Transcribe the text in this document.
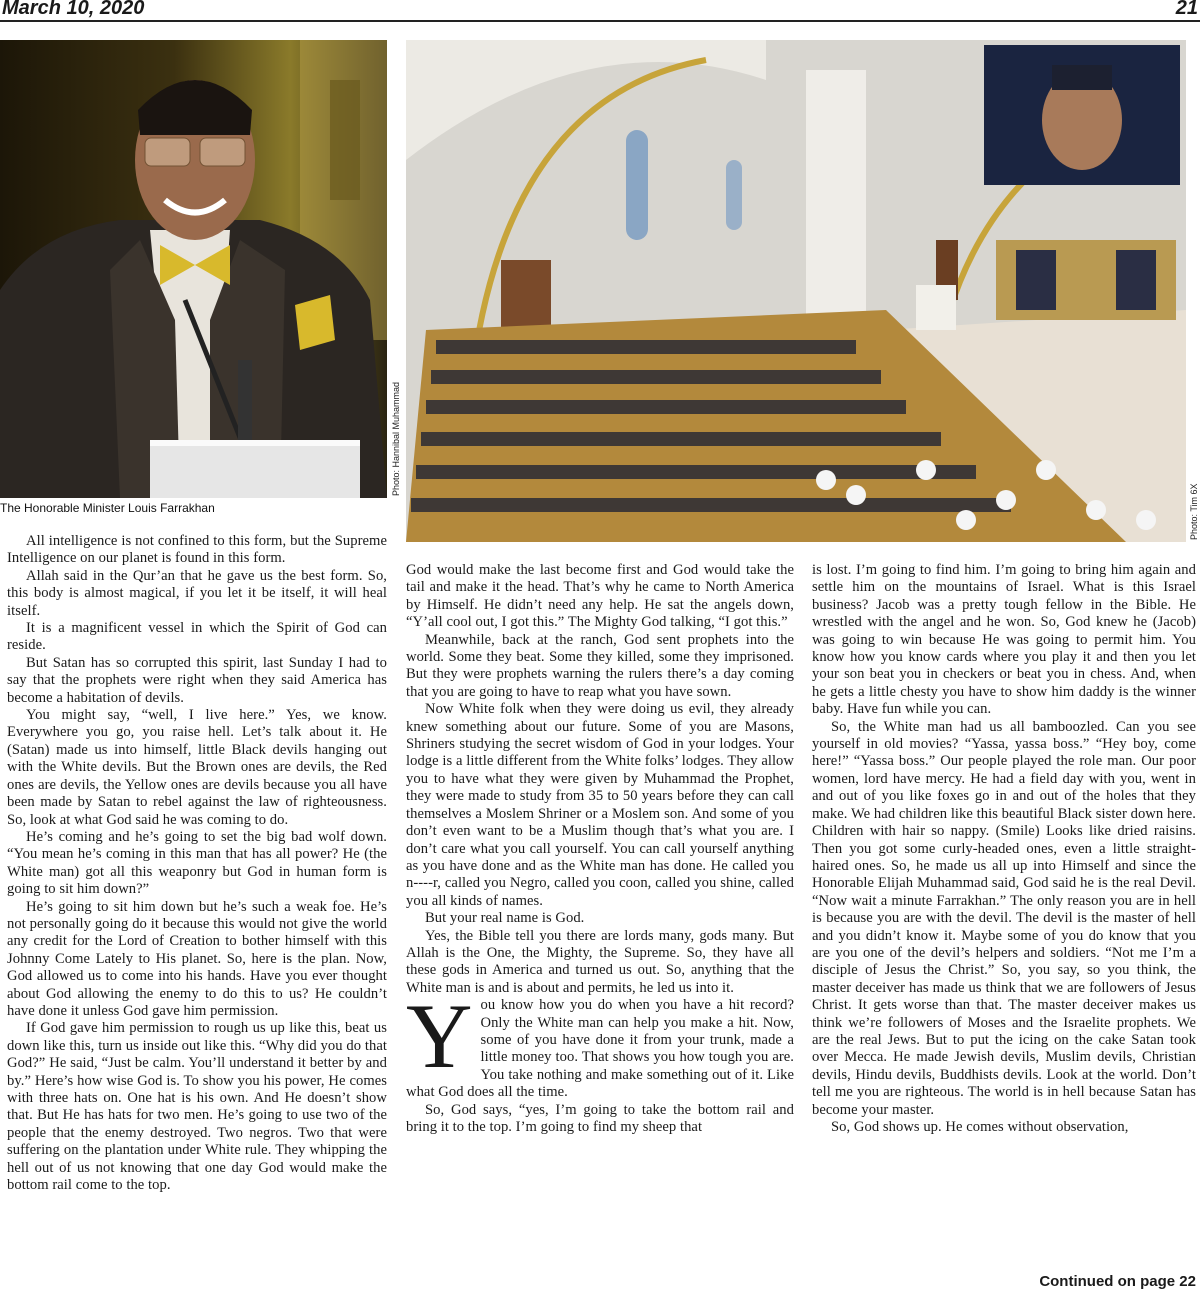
March 10, 2020	21
Photo: Hannibal Muhammad
The Honorable Minister Louis Farrakhan	Photo: Tim 6X

All intelligence is not confined to this form, but the Supreme Intelligence on our planet is found in this form.

Allah said in the Qur’an that he gave us the best form. So, this body is almost magical, if you let it be itself, it will heal itself.

It is a magnificent vessel in which the Spirit of God can reside.

But Satan has so corrupted this spirit, last Sunday I had to say that the prophets were right when they said America has become a habitation of devils.

You might say, “well, I live here.” Yes, we know. Everywhere you go, you raise hell. Let’s talk about it. He (Satan) made us into himself, little Black devils hanging out with the White devils. But the Brown ones are devils, the Red ones are devils, the Yellow ones are devils because you all have been made by Satan to rebel against the law of righteousness. So, look at what God said he was coming to do.

He’s coming and he’s going to set the big bad wolf down. “You mean he’s coming in this man that has all power? He (the White man) got all this weaponry but God in human form is going to sit him down?”

He’s going to sit him down but he’s such a weak foe. He’s not personally going do it because this would not give the world any credit for the Lord of Creation to bother himself with this Johnny Come Lately to His planet. So, here is the plan. Now, God allowed us to come into his hands. Have you ever thought about God allowing the enemy to do this to us? He couldn’t have done it unless God gave him permission.

If God gave him permission to rough us up like this, beat us down like this, turn us inside out like this. “Why did you do that God?” He said, “Just be calm. You’ll understand it better by and by.” Here’s how wise God is. To show you his power, He comes with three hats on. One hat is his own. And He doesn’t show that. But He has hats for two men. He’s going to use two of the people that the enemy destroyed. Two negros. Two that were suffering on the plantation under White rule. They whipping the hell out of us not knowing that one day God would make the bottom rail come to the top.

God would make the last become first and God would take the tail and make it the head. That’s why he came to North America by Himself. He didn’t need any help. He sat the angels down, “Y’all cool out, I got this.” The Mighty God talking, “I got this.”

Meanwhile, back at the ranch, God sent prophets into the world. Some they beat. Some they killed, some they imprisoned. But they were prophets warning the rulers there’s a day coming that you are going to have to reap what you have sown.

Now White folk when they were doing us evil, they already knew something about our future. Some of you are Masons, Shriners studying the secret wisdom of God in your lodges. Your lodge is a little different from the White folks’ lodges. They allow you to have what they were given by Muhammad the Prophet, they were made to study from 35 to 50 years before they can call themselves a Moslem Shriner or a Moslem son. And some of you don’t even want to be a Muslim though that’s what you are. I don’t care what you call yourself. You can call yourself anything as you have done and as the White man has done. He called you n----r, called you Negro, called you coon, called you shine, called you all kinds of names.

But your real name is God.

Yes, the Bible tell you there are lords many, gods many. But Allah is the One, the Mighty, the Supreme. So, they have all these gods in America and turned us out. So, anything that the White man is and is about and permits, he led us into it.

You know how you do when you have a hit record? Only the White man can help you make a hit. Now, some of you have done it from your trunk, made a little money too. That shows you how tough you are. You take nothing and make something out of it. Like what God does all the time.

So, God says, “yes, I’m going to take the bottom rail and bring it to the top. I’m going to find my sheep that

is lost. I’m going to find him. I’m going to bring him again and settle him on the mountains of Israel. What is this Israel business? Jacob was a pretty tough fellow in the Bible. He wrestled with the angel and he won. So, God knew he (Jacob) was going to win because He was going to permit him. You know how you know cards where you play it and then you let your son beat you in checkers or beat you in chess. And, when he gets a little chesty you have to show him daddy is the winner baby. Have fun while you can.

So, the White man had us all bamboozled. Can you see yourself in old movies? “Yassa, yassa boss.” “Hey boy, come here!” “Yassa boss.” Our people played the role man. Our poor women, lord have mercy. He had a field day with you, went in and out of you like foxes go in and out of the holes that they make. We had children like this beautiful Black sister down here. Children with hair so nappy. (Smile) Looks like dried raisins. Then you got some curly-headed ones, even a little straight-haired ones. So, he made us all up into Himself and since the Honorable Elijah Muhammad said, God said he is the real Devil. “Now wait a minute Farrakhan.” The only reason you are in hell is because you are with the devil. The devil is the master of hell and you didn’t know it. Maybe some of you do know that you are you one of the devil’s helpers and soldiers. “Not me I’m a disciple of Jesus the Christ.” So, you say, so you think, the master deceiver has made us think that we are followers of Jesus Christ. It gets worse than that. The master deceiver makes us think we’re followers of Moses and the Israelite prophets. We are the real Jews. But to put the icing on the cake Satan took over Mecca. He made Jewish devils, Muslim devils, Christian devils, Hindu devils, Buddhists devils. Look at the world. Don’t tell me you are righteous. The world is in hell because Satan has become your master.

So, God shows up. He comes without observation,

Continued on page 22
